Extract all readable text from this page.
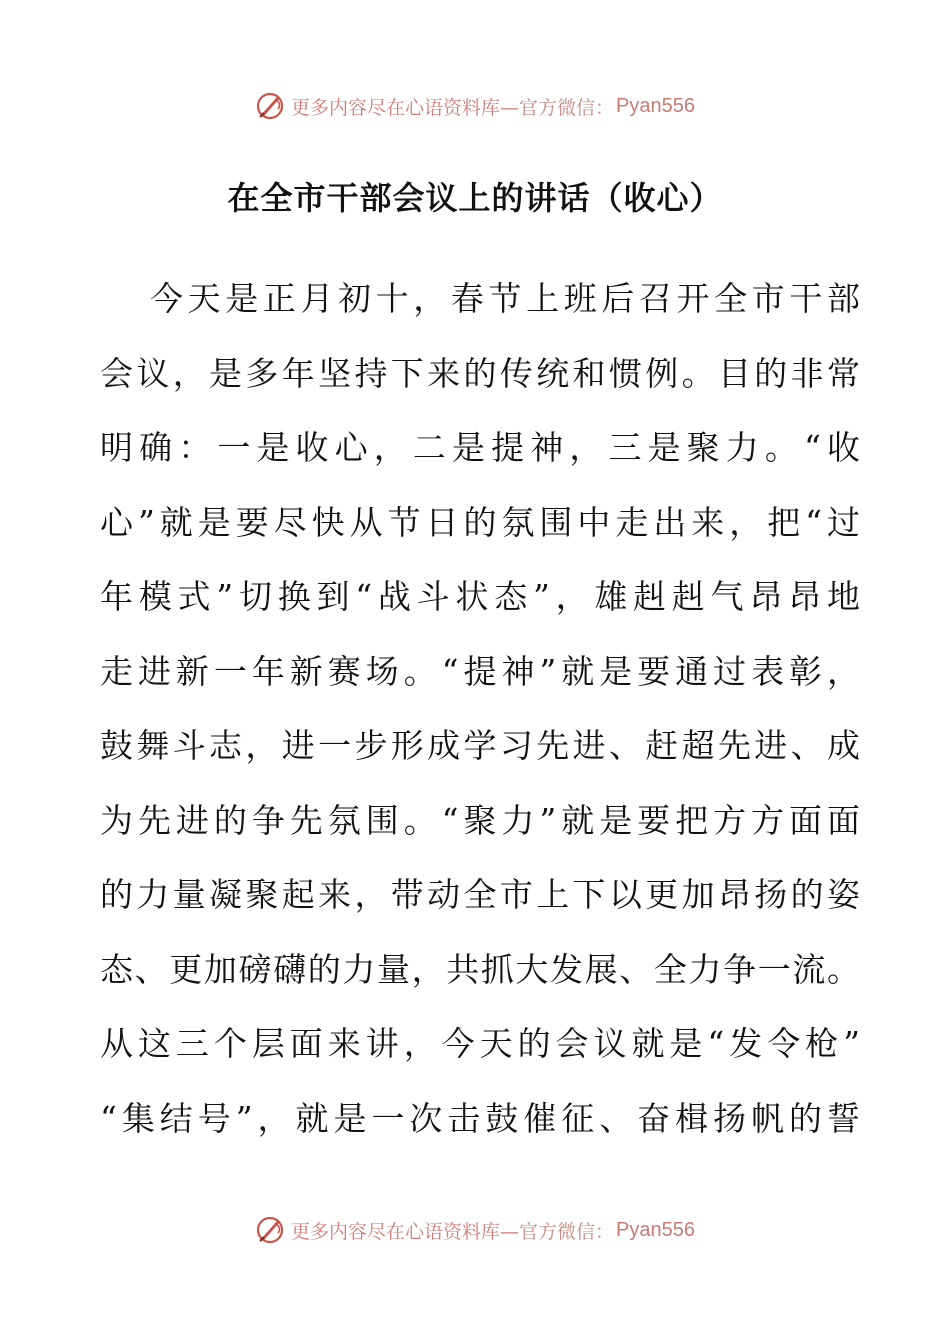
更多内容尽在心语资料库— 官方微信： Pyan556
在全市干部会议上的讲话（收心）
今天是正月初十，春节上班后召开全市干部
会议，是多年坚持下来的传统和惯例。目的非常
明确：一是收心，二是提神，三是聚力。“收
心”就是要尽快从节日的氛围中走出来，把“过
年模式”切换到“战斗状态”，雄赳赳气昂昂地
走进新一年新赛场。“提神”就是要通过表彰，
鼓舞斗志，进一步形成学习先进、赶超先进、成
为先进的争先氛围。“聚力”就是要把方方面面
的力量凝聚起来，带动全市上下以更加昂扬的姿
态、更加磅礴的力量，共抓大发展、全力争一流。
从这三个层面来讲，今天的会议就是“发令枪”
“集结号”，就是一次击鼓催征、奋楫扬帆的誓
更多内容尽在心语资料库— 官方微信： Pyan556
